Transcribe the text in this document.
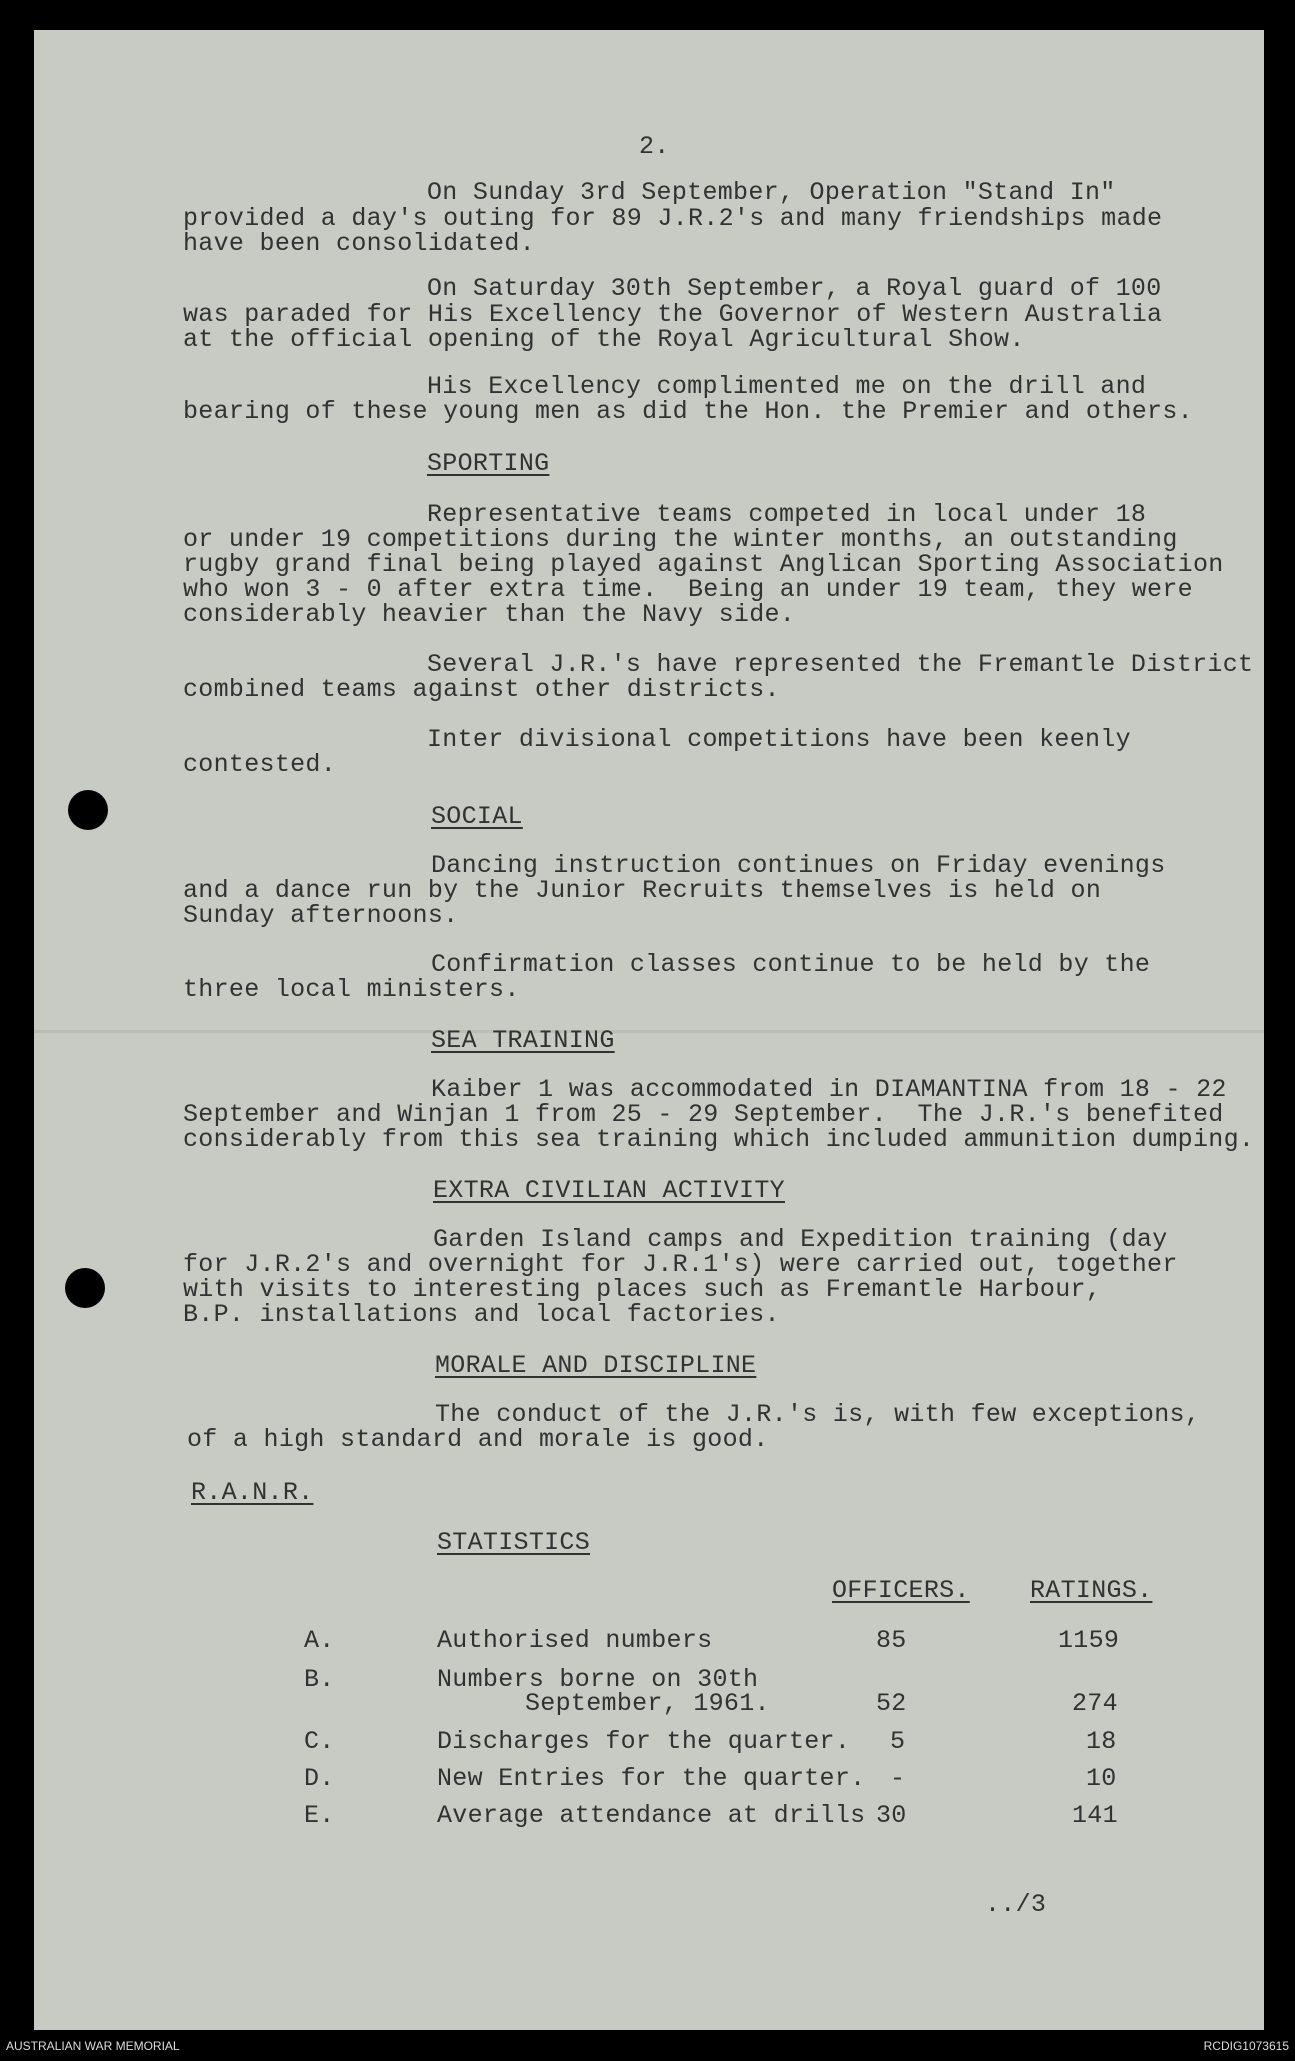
2.
On Sunday 3rd September, Operation "Stand In"
provided a day's outing for 89 J.R.2's and many friendships made
have been consolidated.
On Saturday 30th September, a Royal guard of 100
was paraded for His Excellency the Governor of Western Australia
at the official opening of the Royal Agricultural Show.
His Excellency complimented me on the drill and
bearing of these young men as did the Hon. the Premier and others.
SPORTING
Representative teams competed in local under 18
or under 19 competitions during the winter months, an outstanding
rugby grand final being played against Anglican Sporting Association
who won 3 - 0 after extra time.  Being an under 19 team, they were
considerably heavier than the Navy side.
Several J.R.'s have represented the Fremantle District
combined teams against other districts.
Inter divisional competitions have been keenly
contested.
SOCIAL
Dancing instruction continues on Friday evenings
and a dance run by the Junior Recruits themselves is held on
Sunday afternoons.
Confirmation classes continue to be held by the
three local ministers.
SEA TRAINING
Kaiber 1 was accommodated in DIAMANTINA from 18 - 22
September and Winjan 1 from 25 - 29 September.  The J.R.'s benefited
considerably from this sea training which included ammunition dumping.
EXTRA CIVILIAN ACTIVITY
Garden Island camps and Expedition training (day
for J.R.2's and overnight for J.R.1's) were carried out, together
with visits to interesting places such as Fremantle Harbour,
B.P. installations and local factories.
MORALE AND DISCIPLINE
The conduct of the J.R.'s is, with few exceptions,
of a high standard and morale is good.
R.A.N.R.
STATISTICS
OFFICERS. RATINGS.
A.	Authorised numbers	85	1159
B.	Numbers borne on 30th
September, 1961.	52	274
C.	Discharges for the quarter. 5	18
D.	New Entries for the quarter. -	10
E.	Average attendance at drills 30	141
../3
AUSTRALIAN WAR MEMORIAL	RCDIG1073615
